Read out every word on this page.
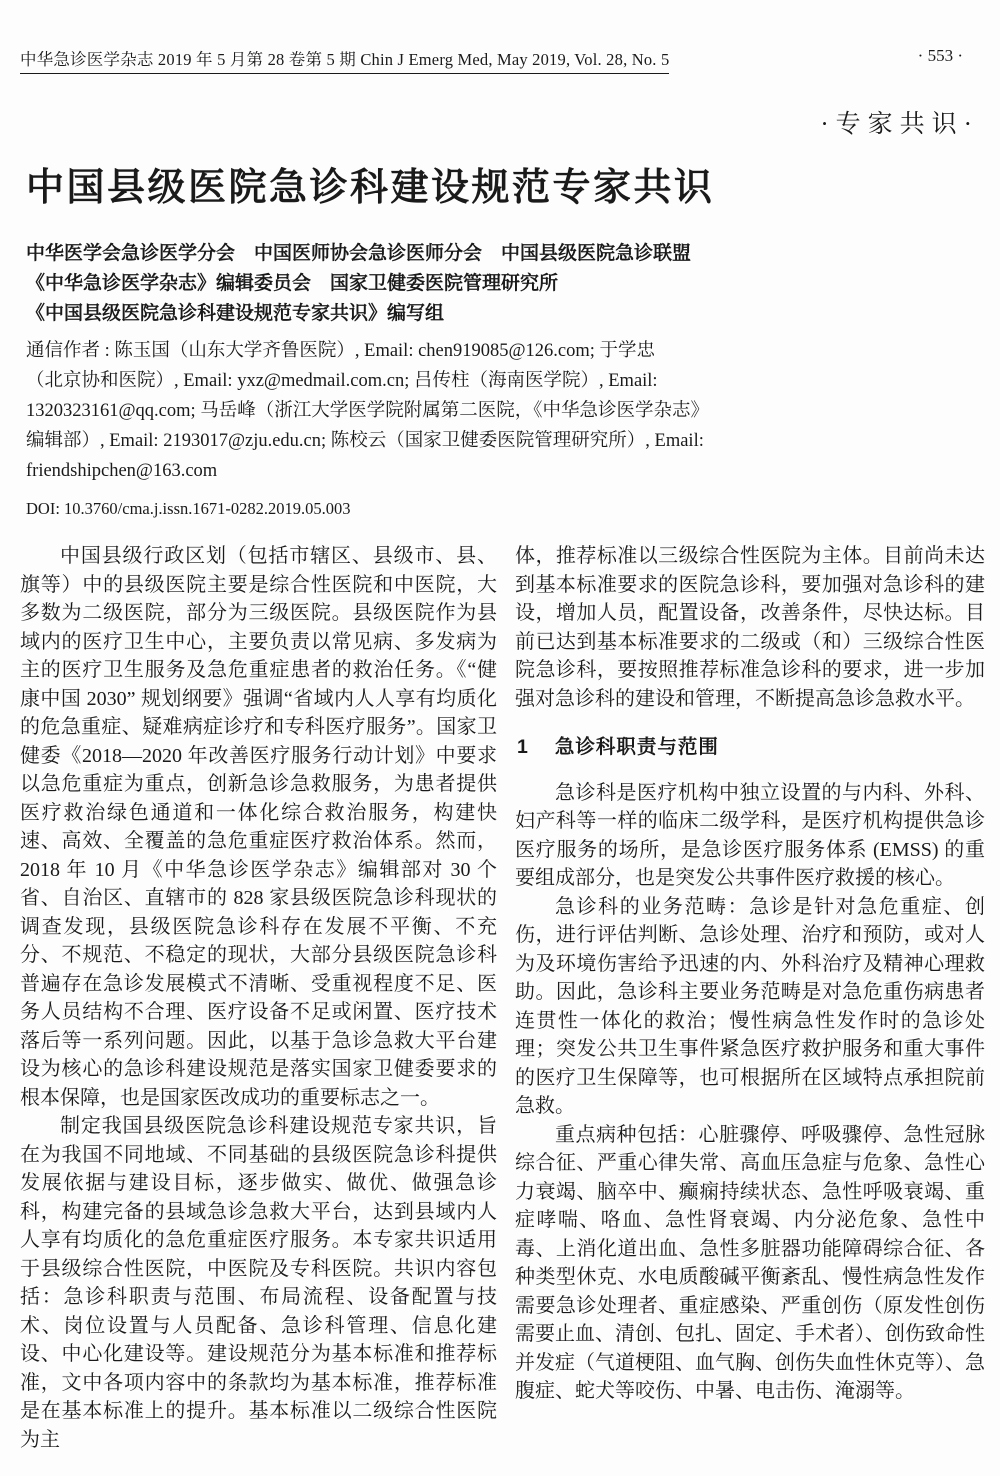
中华急诊医学杂志 2019 年 5 月第 28 卷第 5 期 Chin J Emerg Med, May 2019, Vol. 28, No. 5	· 553 ·
·专家共识·
中国县级医院急诊科建设规范专家共识
中华医学会急诊医学分会　中国医师协会急诊医师分会　中国县级医院急诊联盟
《中华急诊医学杂志》编辑委员会　国家卫健委医院管理研究所
《中国县级医院急诊科建设规范专家共识》编写组
通信作者 : 陈玉国（山东大学齐鲁医院）, Email: chen919085@126.com; 于学忠
（北京协和医院）, Email: yxz@medmail.com.cn; 吕传柱（海南医学院）, Email:
1320323161@qq.com; 马岳峰（浙江大学医学院附属第二医院，《中华急诊医学杂志》
编辑部）, Email: 2193017@zju.edu.cn; 陈校云（国家卫健委医院管理研究所）, Email:
friendshipchen@163.com
DOI: 10.3760/cma.j.issn.1671-0282.2019.05.003

中国县级行政区划（包括市辖区、县级市、县、旗等）中的县级医院主要是综合性医院和中医院，大多数为二级医院，部分为三级医院。县级医院作为县域内的医疗卫生中心，主要负责以常见病、多发病为主的医疗卫生服务及急危重症患者的救治任务。《“健康中国 2030” 规划纲要》强调“省域内人人享有均质化的危急重症、疑难病症诊疗和专科医疗服务”。国家卫健委《2018—2020 年改善医疗服务行动计划》中要求以急危重症为重点，创新急诊急救服务，为患者提供医疗救治绿色通道和一体化综合救治服务，构建快速、高效、全覆盖的急危重症医疗救治体系。然而，2018 年 10 月《中华急诊医学杂志》编辑部对 30 个省、自治区、直辖市的 828 家县级医院急诊科现状的调查发现，县级医院急诊科存在发展不平衡、不充分、不规范、不稳定的现状，大部分县级医院急诊科普遍存在急诊发展模式不清晰、受重视程度不足、医务人员结构不合理、医疗设备不足或闲置、医疗技术落后等一系列问题。因此，以基于急诊急救大平台建设为核心的急诊科建设规范是落实国家卫健委要求的根本保障，也是国家医改成功的重要标志之一。

制定我国县级医院急诊科建设规范专家共识，旨在为我国不同地域、不同基础的县级医院急诊科提供发展依据与建设目标，逐步做实、做优、做强急诊科，构建完备的县域急诊急救大平台，达到县域内人人享有均质化的急危重症医疗服务。本专家共识适用于县级综合性医院，中医院及专科医院。共识内容包括：急诊科职责与范围、布局流程、设备配置与技术、岗位设置与人员配备、急诊科管理、信息化建设、中心化建设等。建设规范分为基本标准和推荐标准，文中各项内容中的条款均为基本标准，推荐标准是在基本标准上的提升。基本标准以二级综合性医院为主

体，推荐标准以三级综合性医院为主体。目前尚未达到基本标准要求的医院急诊科，要加强对急诊科的建设，增加人员，配置设备，改善条件，尽快达标。目前已达到基本标准要求的二级或（和）三级综合性医院急诊科，要按照推荐标准急诊科的要求，进一步加强对急诊科的建设和管理，不断提高急诊急救水平。

1 急诊科职责与范围

急诊科是医疗机构中独立设置的与内科、外科、妇产科等一样的临床二级学科，是医疗机构提供急诊医疗服务的场所，是急诊医疗服务体系 (EMSS) 的重要组成部分，也是突发公共事件医疗救援的核心。

急诊科的业务范畴：急诊是针对急危重症、创伤，进行评估判断、急诊处理、治疗和预防，或对人为及环境伤害给予迅速的内、外科治疗及精神心理救助。因此，急诊科主要业务范畴是对急危重伤病患者连贯性一体化的救治；慢性病急性发作时的急诊处理；突发公共卫生事件紧急医疗救护服务和重大事件的医疗卫生保障等，也可根据所在区域特点承担院前急救。

重点病种包括：心脏骤停、呼吸骤停、急性冠脉综合征、严重心律失常、高血压急症与危象、急性心力衰竭、脑卒中、癫痫持续状态、急性呼吸衰竭、重症哮喘、咯血、急性肾衰竭、内分泌危象、急性中毒、上消化道出血、急性多脏器功能障碍综合征、各种类型休克、水电质酸碱平衡紊乱、慢性病急性发作需要急诊处理者、重症感染、严重创伤（原发性创伤需要止血、清创、包扎、固定、手术者）、创伤致命性并发症（气道梗阻、血气胸、创伤失血性休克等）、急腹症、蛇犬等咬伤、中暑、电击伤、淹溺等。
